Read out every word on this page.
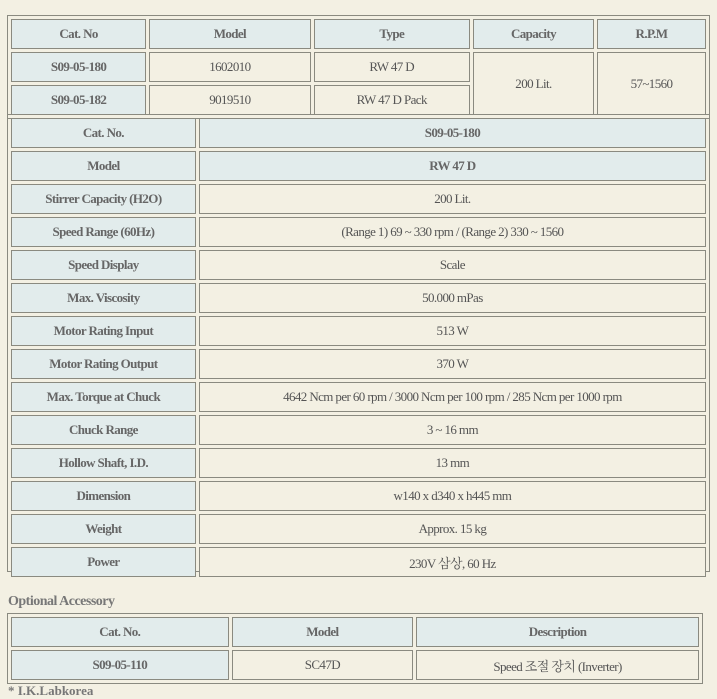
Cat. No	Model	Type	Capacity	R.P.M
S09-05-180	1602010	RW 47 D	200 Lit.	57~1560
S09-05-182	9019510	RW 47 D Pack		
Cat. No.	S09-05-180
Model	RW 47 D
Stirrer Capacity (H2O)	200 Lit.
Speed Range (60Hz)	(Range 1) 69 ~ 330 rpm / (Range 2) 330 ~ 1560
Speed Display	Scale
Max. Viscosity	50.000 mPas
Motor Rating Input	513 W
Motor Rating Output	370 W
Max. Torque at Chuck	4642 Ncm per 60 rpm / 3000 Ncm per 100 rpm / 285 Ncm per 1000 rpm
Chuck Range	3 ~ 16 mm
Hollow Shaft, I.D.	13 mm
Dimension	w140 x d340 x h445 mm
Weight	Approx. 15 kg
Power	230V 삼상, 60 Hz
Optional Accessory
Cat. No.	Model	Description
S09-05-110	SC47D	Speed 조절 장치 (Inverter)
* I.K.Labkorea
